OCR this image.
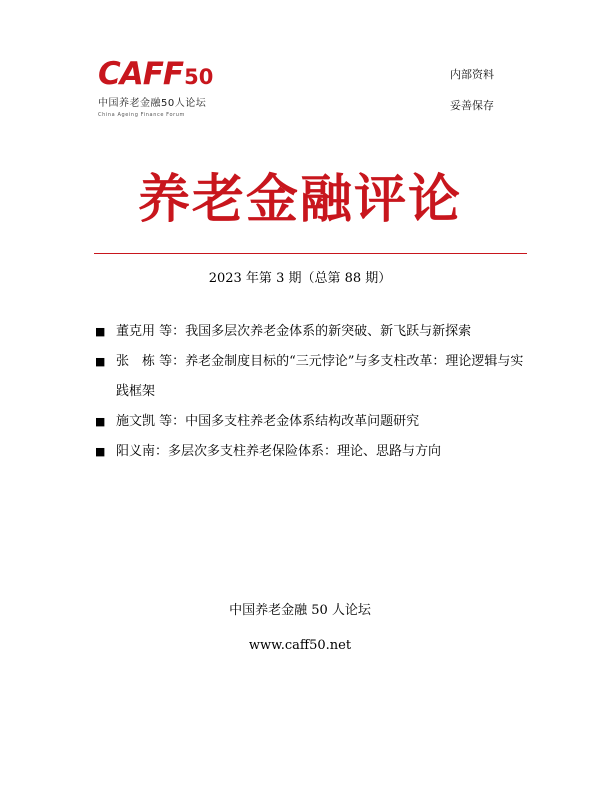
CAFF50
中国养老金融50人论坛
China Ageing Finance Forum
内部资料
妥善保存
养老金融评论
2023 年第 3 期（总第 88 期）
■ 董克用 等：我国多层次养老金体系的新突破、新飞跃与新探索
■ 张　栋 等：养老金制度目标的“三元悖论”与多支柱改革：理论逻辑与实践框架
■ 施文凯 等：中国多支柱养老金体系结构改革问题研究
■ 阳义南：多层次多支柱养老保险体系：理论、思路与方向
中国养老金融 50 人论坛
www.caff50.net
